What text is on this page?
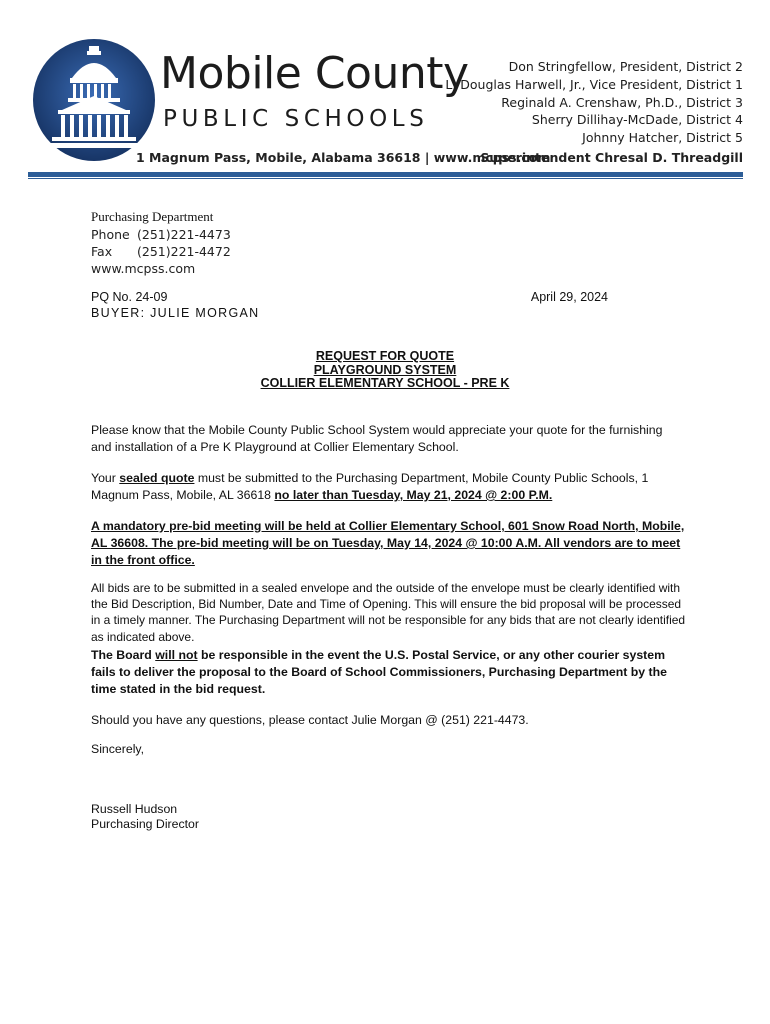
Mobile County
PUBLIC SCHOOLS
Don Stringfellow, President, District 2
L. Douglas Harwell, Jr., Vice President, District 1
Reginald A. Crenshaw, Ph.D., District 3
Sherry Dillihay-McDade, District 4
Johnny Hatcher, District 5
1 Magnum Pass, Mobile, Alabama 36618 | www.mcpss.com
Superintendent Chresal D. Threadgill
Purchasing Department
Phone (251)221-4473
Fax (251)221-4472
www.mcpss.com
PQ No. 24-09
BUYER: JULIE MORGAN
April 29, 2024
REQUEST FOR QUOTE
PLAYGROUND SYSTEM
COLLIER ELEMENTARY SCHOOL - PRE K
Please know that the Mobile County Public School System would appreciate your quote for the furnishing and installation of a Pre K Playground at Collier Elementary School.
Your sealed quote must be submitted to the Purchasing Department, Mobile County Public Schools, 1 Magnum Pass, Mobile, AL 36618 no later than Tuesday, May 21, 2024 @ 2:00 P.M.
A mandatory pre-bid meeting will be held at Collier Elementary School, 601 Snow Road North, Mobile, AL 36608. The pre-bid meeting will be on Tuesday, May 14, 2024 @ 10:00 A.M. All vendors are to meet in the front office.
All bids are to be submitted in a sealed envelope and the outside of the envelope must be clearly identified with the Bid Description, Bid Number, Date and Time of Opening. This will ensure the bid proposal will be processed in a timely manner. The Purchasing Department will not be responsible for any bids that are not clearly identified as indicated above.
The Board will not be responsible in the event the U.S. Postal Service, or any other courier system fails to deliver the proposal to the Board of School Commissioners, Purchasing Department by the time stated in the bid request.
Should you have any questions, please contact Julie Morgan @ (251) 221-4473.
Sincerely,
Russell Hudson
Purchasing Director
